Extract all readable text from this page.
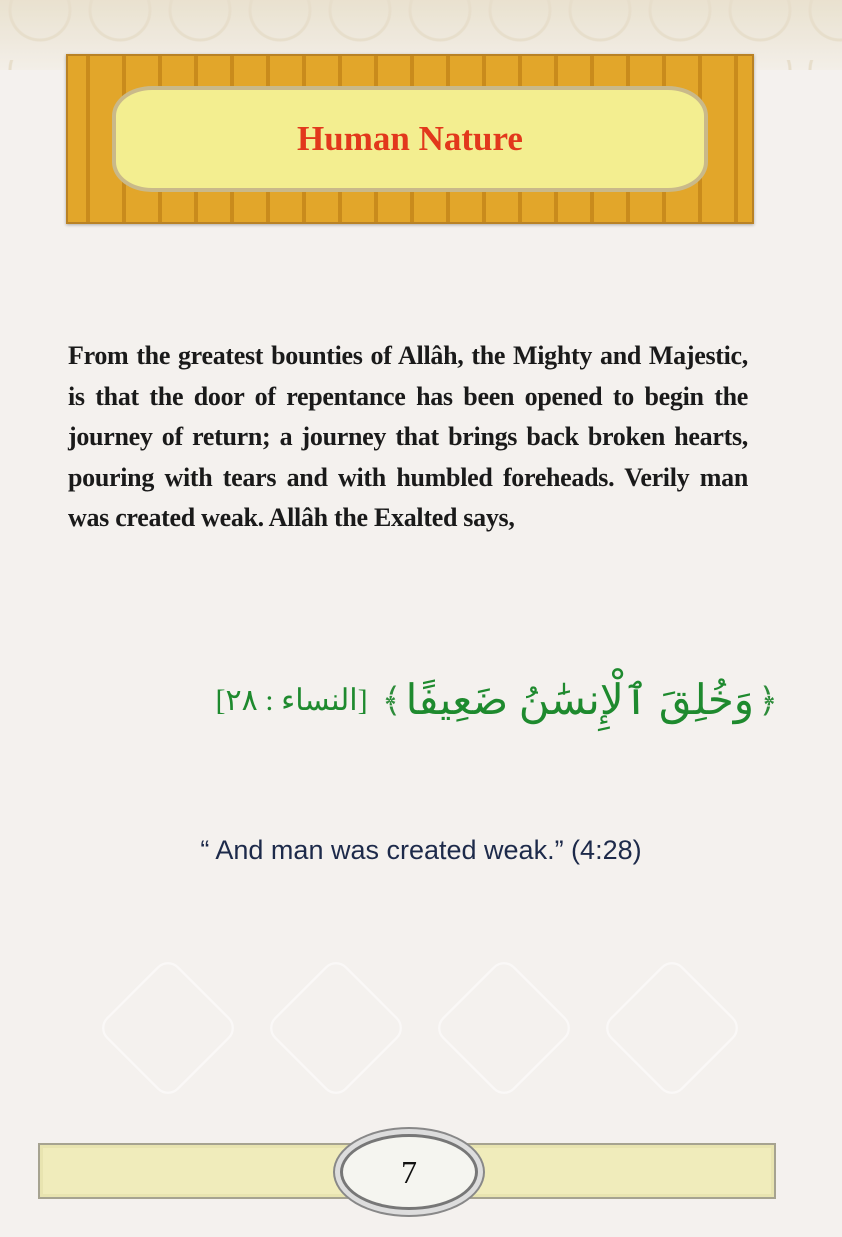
Human Nature

From the greatest bounties of Allâh, the Mighty and Majestic, is that the door of repentance has been opened to begin the journey of return; a journey that brings back broken hearts, pouring with tears and with humbled foreheads. Verily man was created weak. Allâh the Exalted says,

﴿
وَخُلِقَ ٱلْإِنسَٰنُ ضَعِيفًا
﴾
[النساء : ٢٨]
“ And man was created weak.” (4:28)
7
